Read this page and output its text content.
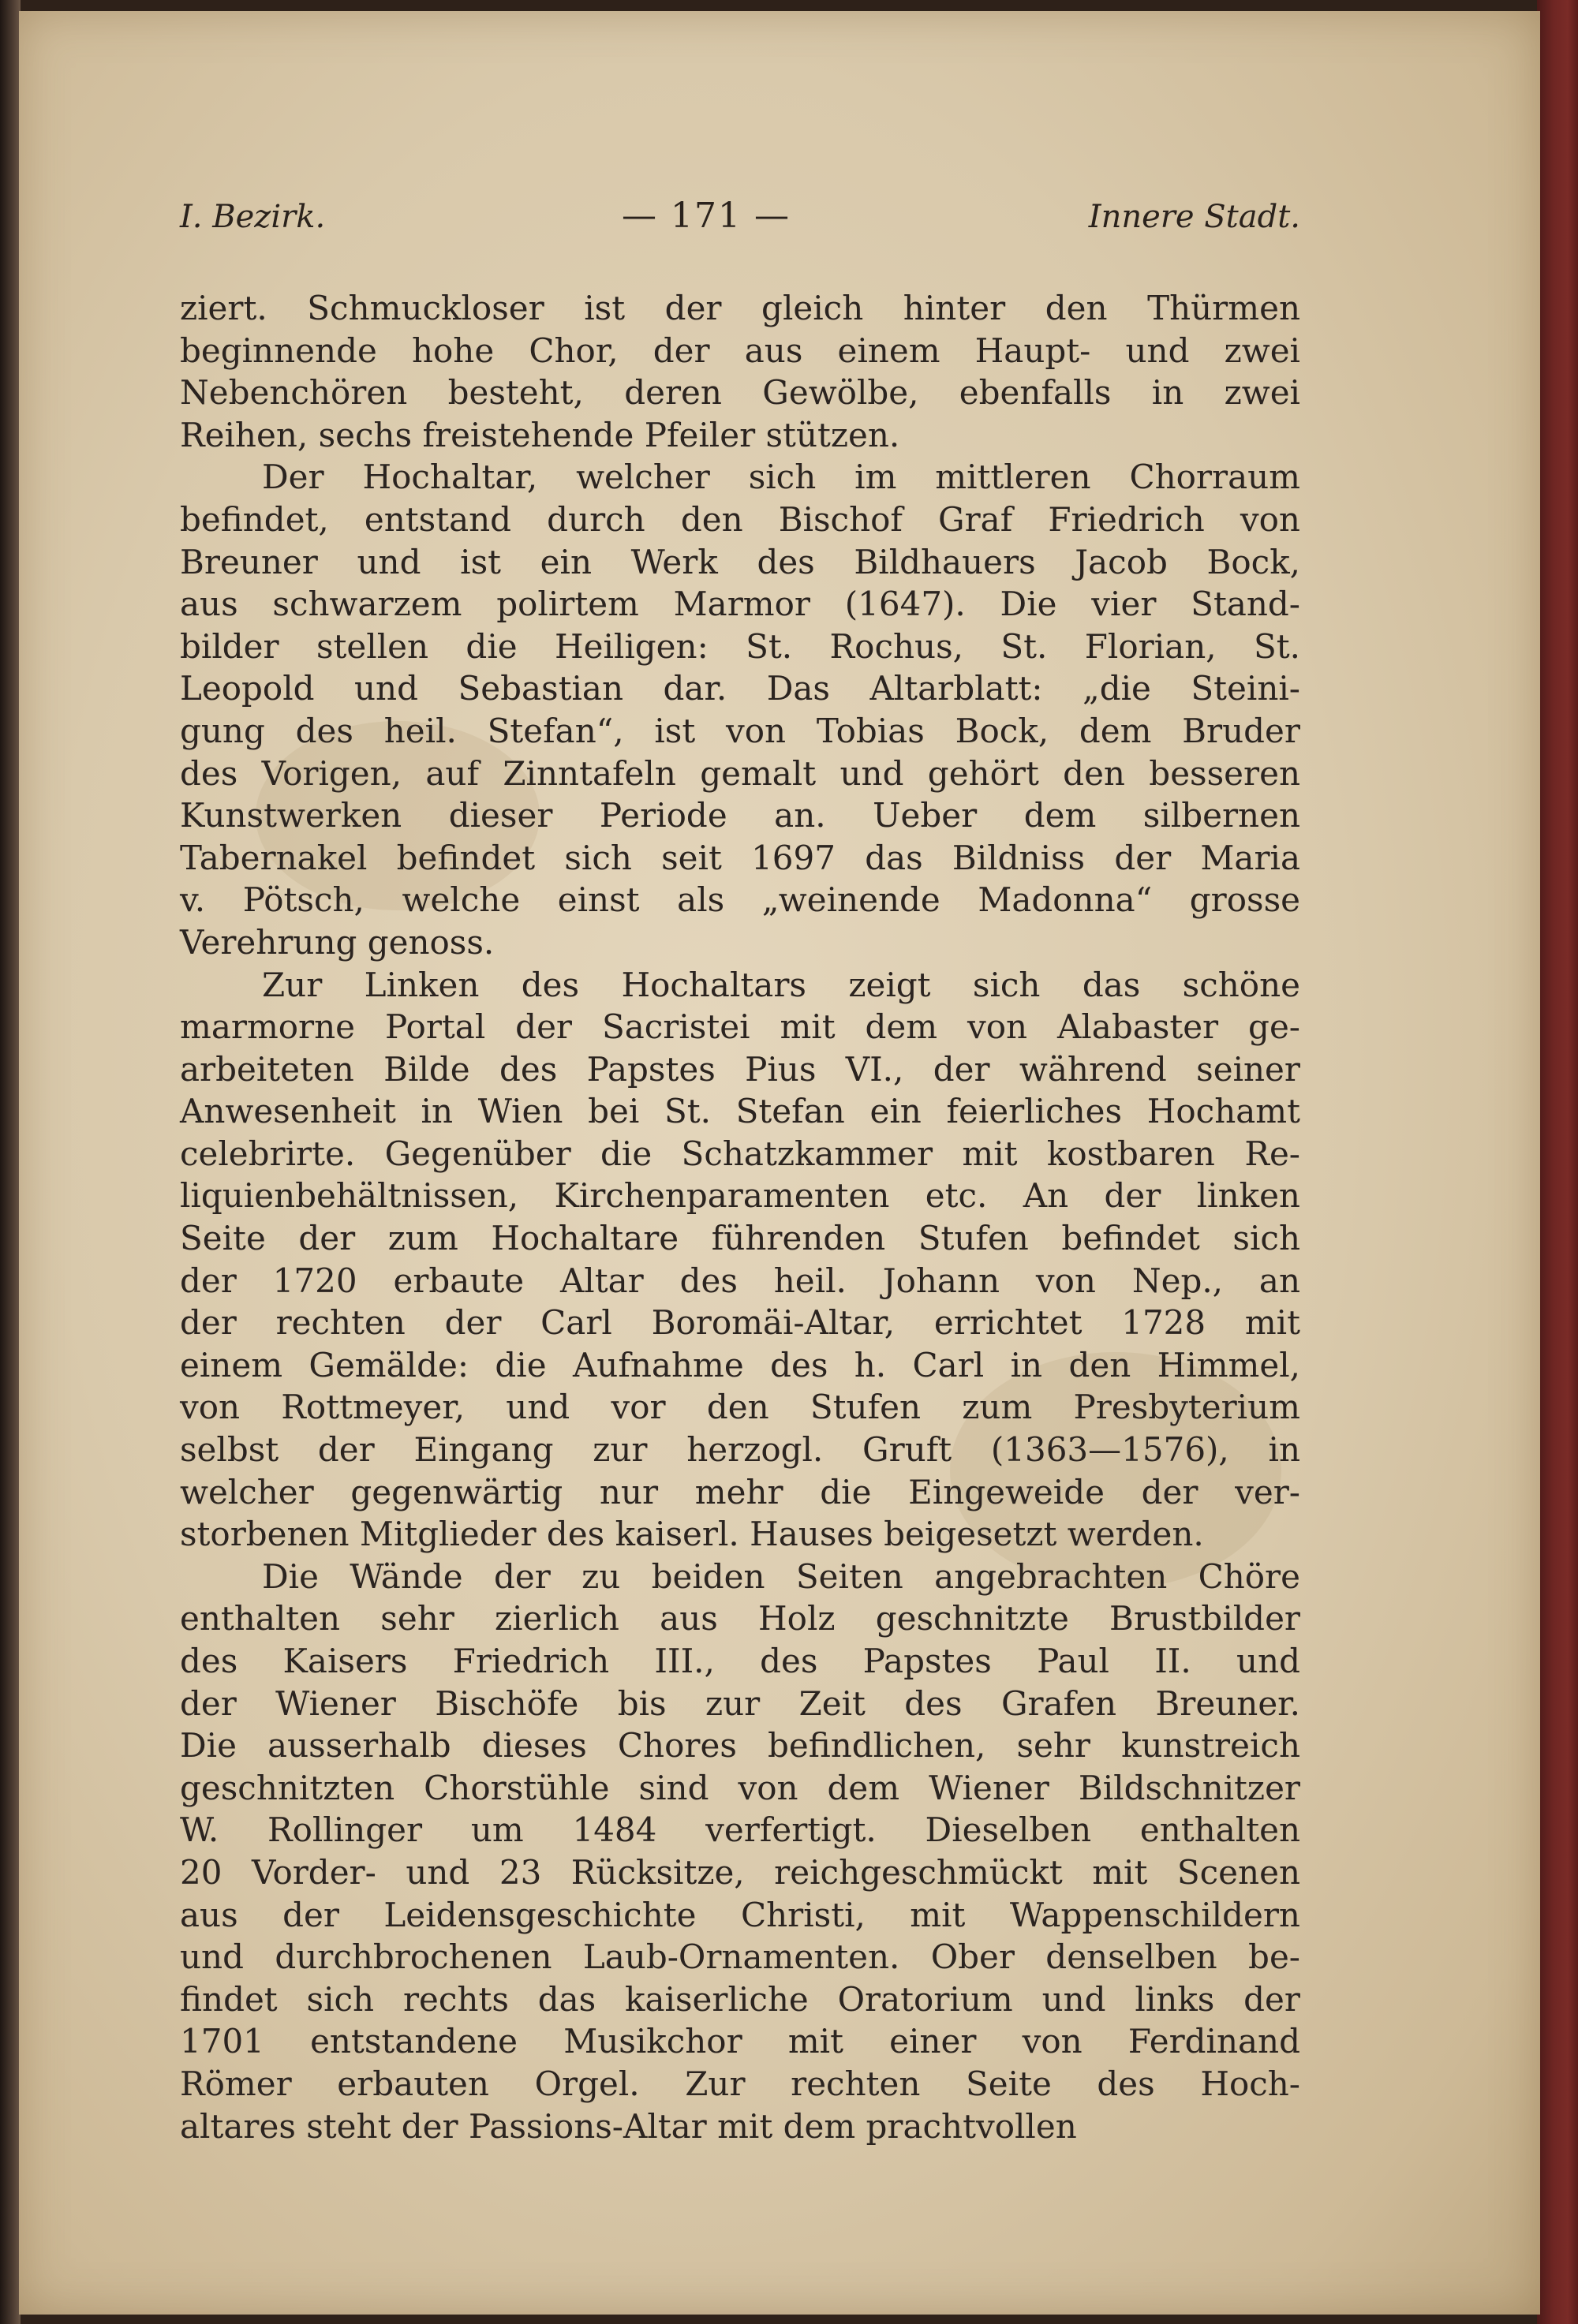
I. Bezirk.	— 171 —	Innere Stadt.
ziert. Schmuckloser ist der gleich hinter den Thürmen
beginnende hohe Chor, der aus einem Haupt- und zwei
Nebenchören besteht, deren Gewölbe, ebenfalls in zwei
Reihen, sechs freistehende Pfeiler stützen.
Der Hochaltar, welcher sich im mittleren Chorraum
befindet, entstand durch den Bischof Graf Friedrich von
Breuner und ist ein Werk des Bildhauers Jacob Bock,
aus schwarzem polirtem Marmor (1647). Die vier Stand-
bilder stellen die Heiligen: St. Rochus, St. Florian, St.
Leopold und Sebastian dar. Das Altarblatt: „die Steini-
gung des heil. Stefan“, ist von Tobias Bock, dem Bruder
des Vorigen, auf Zinntafeln gemalt und gehört den besseren
Kunstwerken dieser Periode an. Ueber dem silbernen
Tabernakel befindet sich seit 1697 das Bildniss der Maria
v. Pötsch, welche einst als „weinende Madonna“ grosse
Verehrung genoss.
Zur Linken des Hochaltars zeigt sich das schöne
marmorne Portal der Sacristei mit dem von Alabaster ge-
arbeiteten Bilde des Papstes Pius VI., der während seiner
Anwesenheit in Wien bei St. Stefan ein feierliches Hochamt
celebrirte. Gegenüber die Schatzkammer mit kostbaren Re-
liquienbehältnissen, Kirchenparamenten etc. An der linken
Seite der zum Hochaltare führenden Stufen befindet sich
der 1720 erbaute Altar des heil. Johann von Nep., an
der rechten der Carl Boromäi-Altar, errichtet 1728 mit
einem Gemälde: die Aufnahme des h. Carl in den Himmel,
von Rottmeyer, und vor den Stufen zum Presbyterium
selbst der Eingang zur herzogl. Gruft (1363—1576), in
welcher gegenwärtig nur mehr die Eingeweide der ver-
storbenen Mitglieder des kaiserl. Hauses beigesetzt werden.
Die Wände der zu beiden Seiten angebrachten Chöre
enthalten sehr zierlich aus Holz geschnitzte Brustbilder
des Kaisers Friedrich III., des Papstes Paul II. und
der Wiener Bischöfe bis zur Zeit des Grafen Breuner.
Die ausserhalb dieses Chores befindlichen, sehr kunstreich
geschnitzten Chorstühle sind von dem Wiener Bildschnitzer
W. Rollinger um 1484 verfertigt. Dieselben enthalten
20 Vorder- und 23 Rücksitze, reichgeschmückt mit Scenen
aus der Leidensgeschichte Christi, mit Wappenschildern
und durchbrochenen Laub-Ornamenten. Ober denselben be-
findet sich rechts das kaiserliche Oratorium und links der
1701 entstandene Musikchor mit einer von Ferdinand
Römer erbauten Orgel. Zur rechten Seite des Hoch-
altares steht der Passions-Altar mit dem prachtvollen
